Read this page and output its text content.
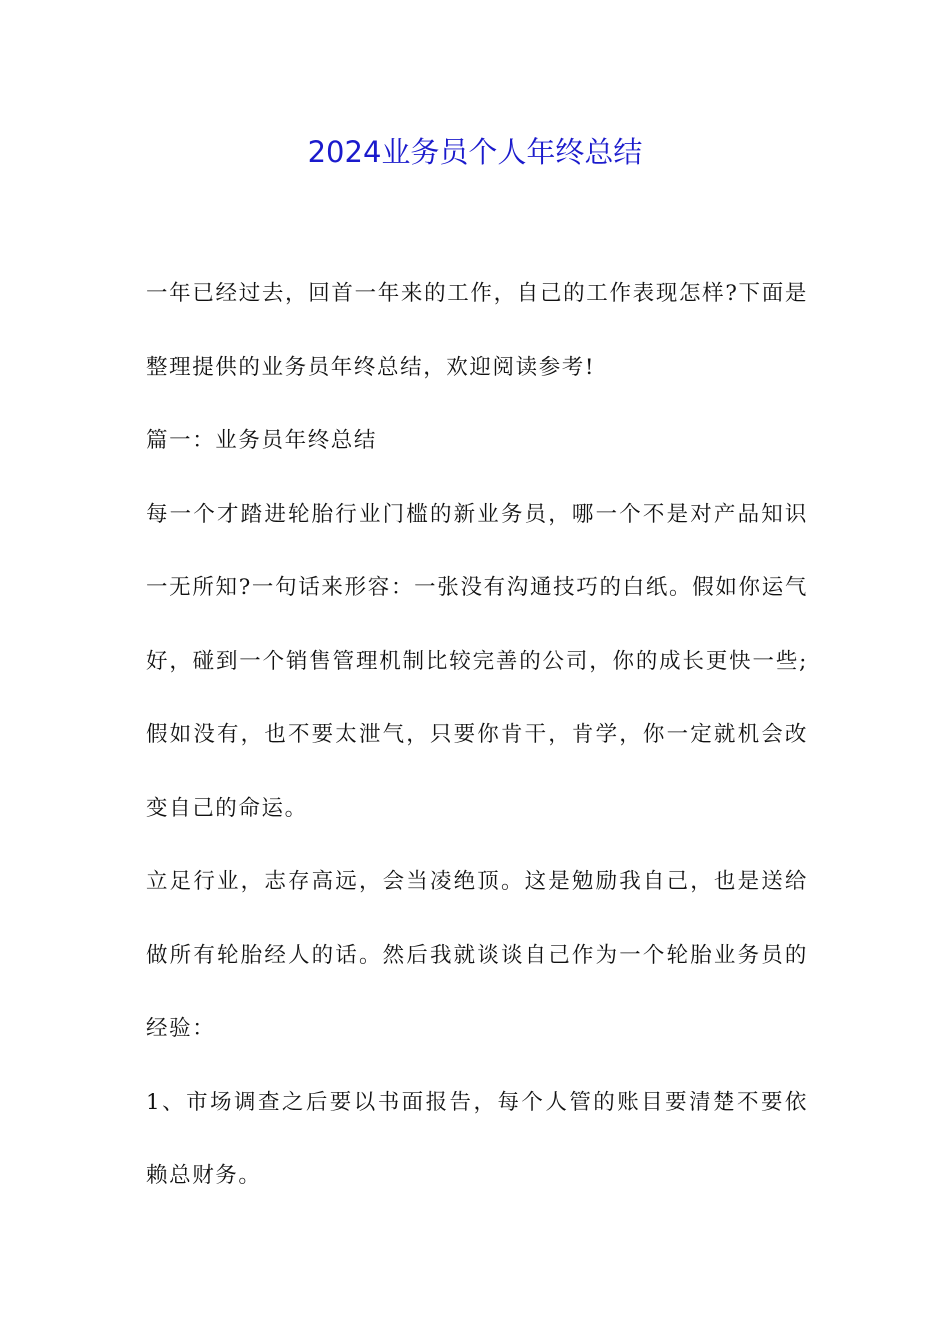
2024业务员个人年终总结

一年已经过去，回首一年来的工作，自己的工作表现怎样?下面是整理提供的业务员年终总结，欢迎阅读参考!

篇一：业务员年终总结

每一个才踏进轮胎行业门槛的新业务员，哪一个不是对产品知识一无所知?一句话来形容：一张没有沟通技巧的白纸。假如你运气好，碰到一个销售管理机制比较完善的公司，你的成长更快一些;假如没有，也不要太泄气，只要你肯干，肯学，你一定就机会改变自己的命运。

立足行业，志存高远，会当凌绝顶。这是勉励我自己，也是送给做所有轮胎经人的话。然后我就谈谈自己作为一个轮胎业务员的经验：

1、市场调查之后要以书面报告，每个人管的账目要清楚不要依赖总财务。
